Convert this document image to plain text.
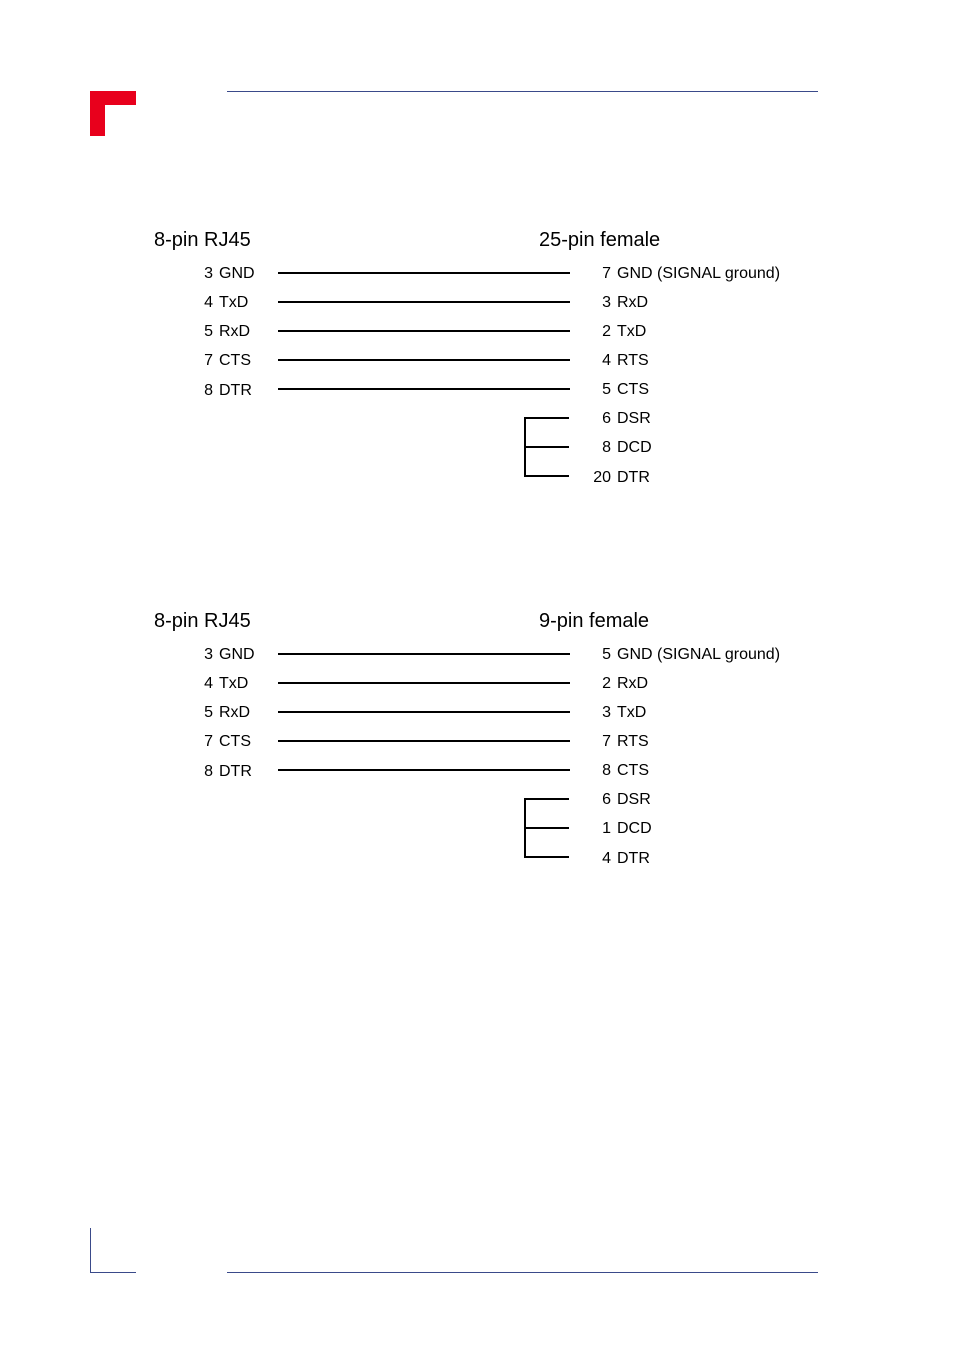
8-pin RJ45	25-pin female
3 GND
4 TxD
5 RxD
7 CTS
8 DTR
7 GND (SIGNAL ground)
3 RxD
2 TxD
4 RTS
5 CTS
6 DSR
8 DCD
20 DTR
8-pin RJ45	9-pin female
3 GND
4 TxD
5 RxD
7 CTS
8 DTR
5 GND (SIGNAL ground)
2 RxD
3 TxD
7 RTS
8 CTS
6 DSR
1 DCD
4 DTR
